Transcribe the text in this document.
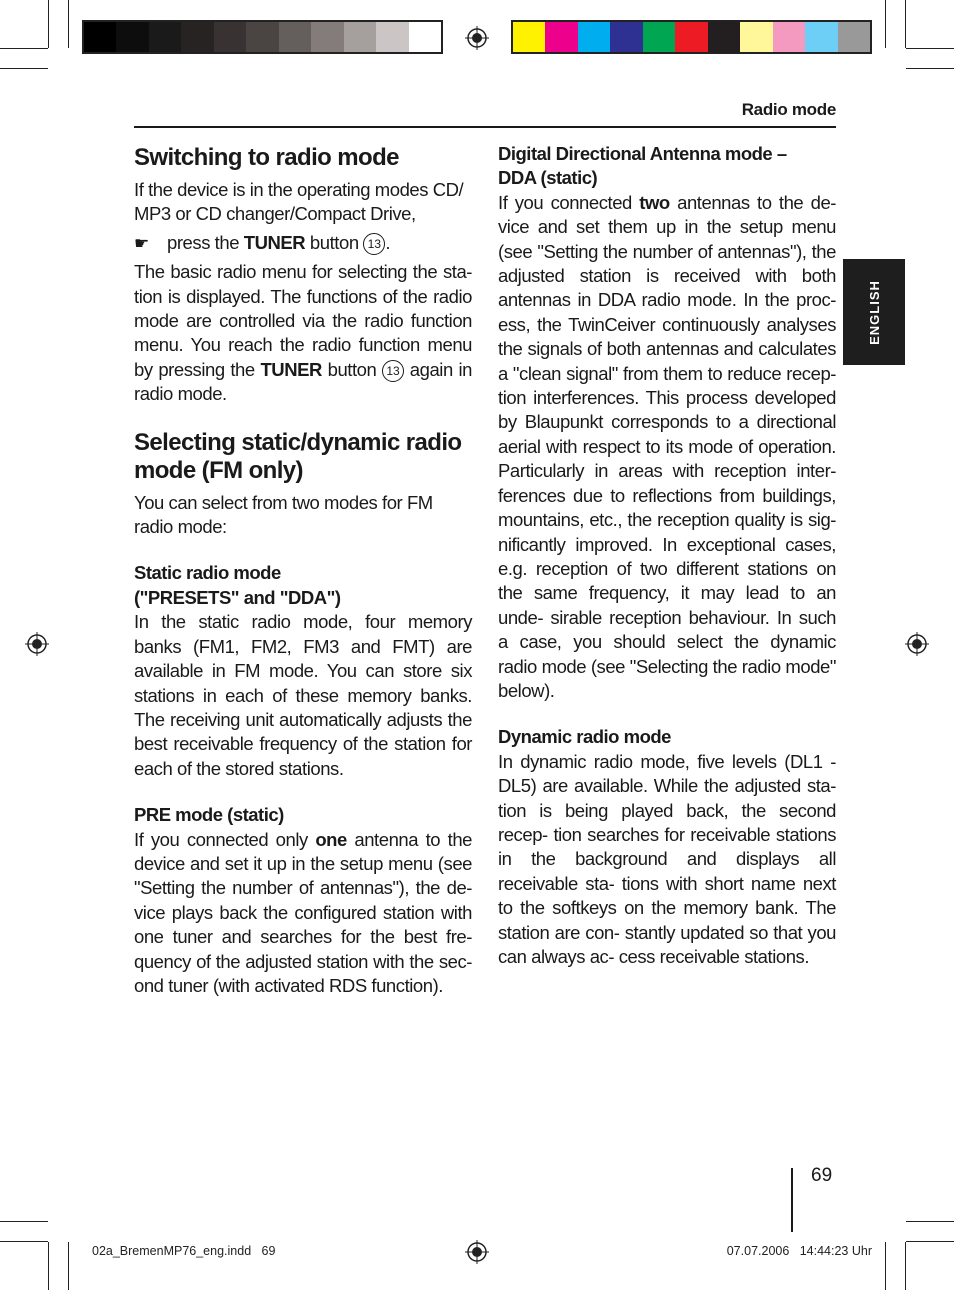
Radio mode
ENGLISH
Switching to radio mode

If the device is in the operating modes CD/ MP3 or CD changer/Compact Drive,

☛ press the TUNER button 13 .

The basic radio menu for selecting the sta- tion is displayed. The functions of the radio mode are controlled via the radio function menu. You reach the radio function menu by pressing the TUNER button 13 again in radio mode.

Selecting static/dynamic radio mode (FM only)

You can select from two modes for FM radio mode:

Static radio mode
("PRESETS" and "DDA")

In the static radio mode, four memory banks (FM1, FM2, FM3 and FMT) are available in FM mode. You can store six stations in each of these memory banks. The receiving unit automatically adjusts the best receivable frequency of the station for each of the stored stations.

PRE mode (static)

If you connected only one antenna to the device and set it up in the setup menu (see "Setting the number of antennas"), the de- vice plays back the configured station with one tuner and searches for the best fre- quency of the adjusted station with the sec- ond tuner (with activated RDS function).

Digital Directional Antenna mode –
DDA (static)

If you connected two antennas to the de- vice and set them up in the setup menu (see "Setting the number of antennas"), the adjusted station is received with both antennas in DDA radio mode. In the proc- ess, the TwinCeiver continuously analyses the signals of both antennas and calculates a "clean signal" from them to reduce recep- tion interferences. This process developed by Blaupunkt corresponds to a directional aerial with respect to its mode of operation. Particularly in areas with reception inter- ferences due to reflections from buildings, mountains, etc., the reception quality is sig- nificantly improved. In exceptional cases, e.g. reception of two different stations on the same frequency, it may lead to an unde- sirable reception behaviour. In such a case, you should select the dynamic radio mode (see "Selecting the radio mode" below).

Dynamic radio mode

In dynamic radio mode, five levels (DL1 - DL5) are available. While the adjusted sta- tion is being played back, the second recep- tion searches for receivable stations in the background and displays all receivable sta- tions with short name next to the softkeys on the memory bank. The station are con- stantly updated so that you can always ac- cess receivable stations.

69
02a_BremenMP76_eng.indd   69	07.07.2006   14:44:23 Uhr
